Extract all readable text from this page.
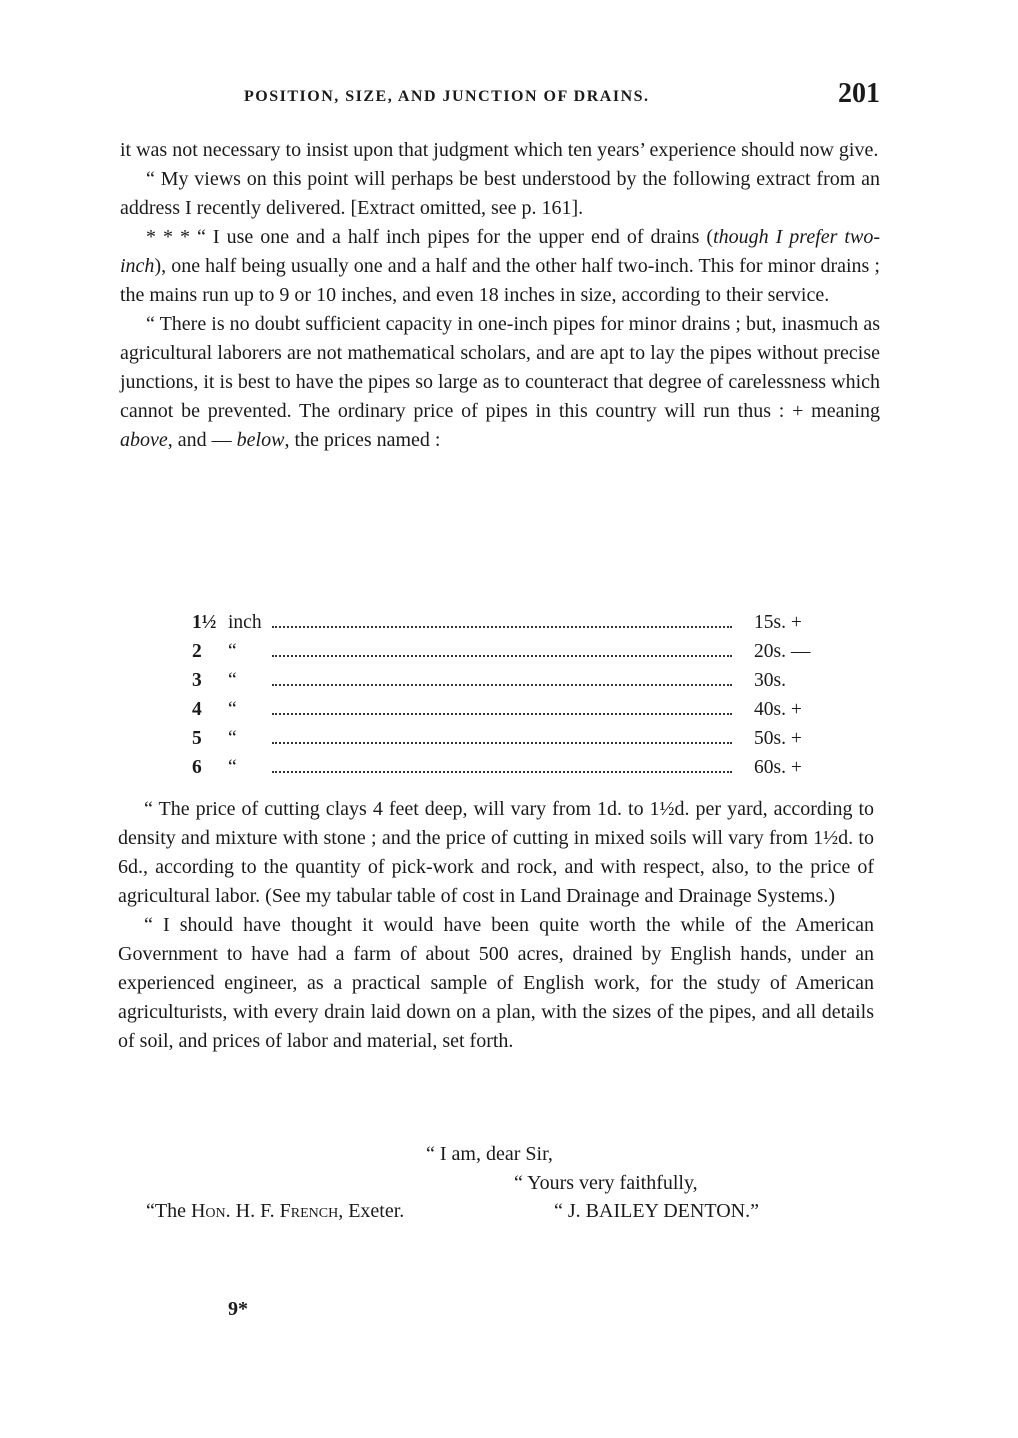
POSITION, SIZE, AND JUNCTION OF DRAINS.	201

it was not necessary to insist upon that judgment which ten years’ experience should now give.

“ My views on this point will perhaps be best understood by the following extract from an address I recently delivered. [Extract omitted, see p. 161].

* * * “ I use one and a half inch pipes for the upper end of drains (though I prefer two-inch), one half being usually one and a half and the other half two-inch. This for minor drains ; the mains run up to 9 or 10 inches, and even 18 inches in size, according to their service.

“ There is no doubt sufficient capacity in one-inch pipes for minor drains ; but, inasmuch as agricultural laborers are not mathematical scholars, and are apt to lay the pipes without precise junctions, it is best to have the pipes so large as to counteract that degree of carelessness which cannot be prevented. The ordinary price of pipes in this country will run thus : + meaning above, and — below, the prices named :

1½ inch	15s. +
2	“	20s. —
3	“	30s.
4	“	40s. +
5	“	50s. +
6	“	60s. +

“ The price of cutting clays 4 feet deep, will vary from 1d. to 1½d. per yard, according to density and mixture with stone ; and the price of cutting in mixed soils will vary from 1½d. to 6d., according to the quantity of pick-work and rock, and with respect, also, to the price of agricultural labor. (See my tabular table of cost in Land Drainage and Drainage Systems.)

“ I should have thought it would have been quite worth the while of the American Government to have had a farm of about 500 acres, drained by English hands, under an experienced engineer, as a practical sample of English work, for the study of American agriculturists, with every drain laid down on a plan, with the sizes of the pipes, and all details of soil, and prices of labor and material, set forth.

“ I am, dear Sir,
“ Yours very faithfully,
“The Hon. H. F. French, Exeter.	“ J. BAILEY DENTON.”
9*
